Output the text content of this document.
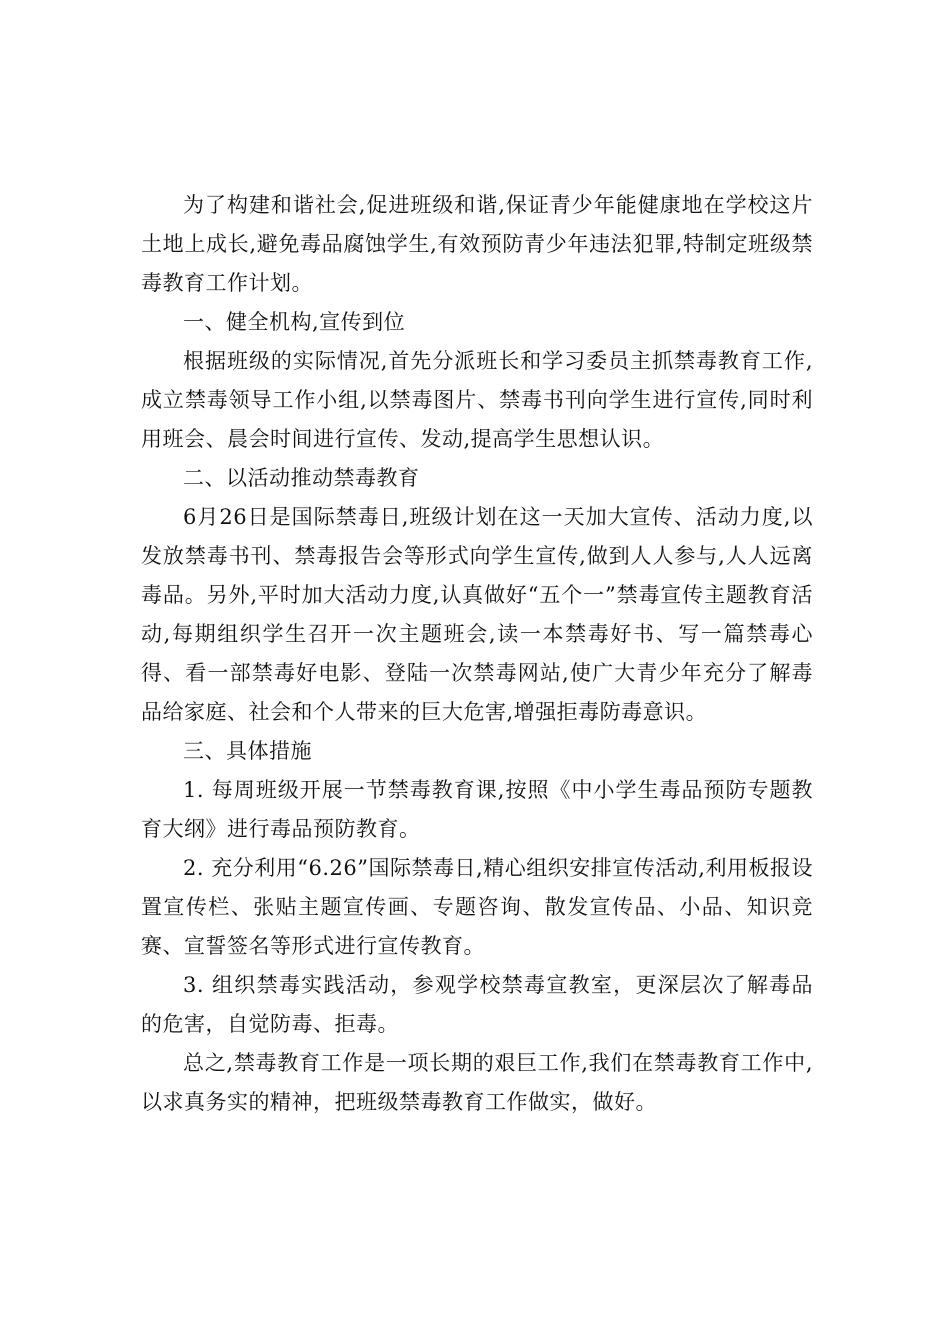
为了构建和谐社会,促进班级和谐,保证青少年能健康地在学校这片土地上成长,避免毒品腐蚀学生,有效预防青少年违法犯罪,特制定班级禁毒教育工作计划。

一、健全机构,宣传到位

根据班级的实际情况,首先分派班长和学习委员主抓禁毒教育工作,成立禁毒领导工作小组,以禁毒图片、禁毒书刊向学生进行宣传,同时利用班会、晨会时间进行宣传、发动,提高学生思想认识。

二、以活动推动禁毒教育

6月26日是国际禁毒日,班级计划在这一天加大宣传、活动力度,以发放禁毒书刊、禁毒报告会等形式向学生宣传,做到人人参与,人人远离毒品。另外,平时加大活动力度,认真做好“五个一”禁毒宣传主题教育活动,每期组织学生召开一次主题班会,读一本禁毒好书、写一篇禁毒心得、看一部禁毒好电影、登陆一次禁毒网站,使广大青少年充分了解毒品给家庭、社会和个人带来的巨大危害,增强拒毒防毒意识。

三、具体措施

1. 每周班级开展一节禁毒教育课,按照《中小学生毒品预防专题教育大纲》进行毒品预防教育。

2. 充分利用“6.26”国际禁毒日,精心组织安排宣传活动,利用板报设置宣传栏、张贴主题宣传画、专题咨询、散发宣传品、小品、知识竞赛、宣誓签名等形式进行宣传教育。

3. 组织禁毒实践活动，参观学校禁毒宣教室，更深层次了解毒品的危害，自觉防毒、拒毒。

总之,禁毒教育工作是一项长期的艰巨工作,我们在禁毒教育工作中,以求真务实的精神，把班级禁毒教育工作做实，做好。
